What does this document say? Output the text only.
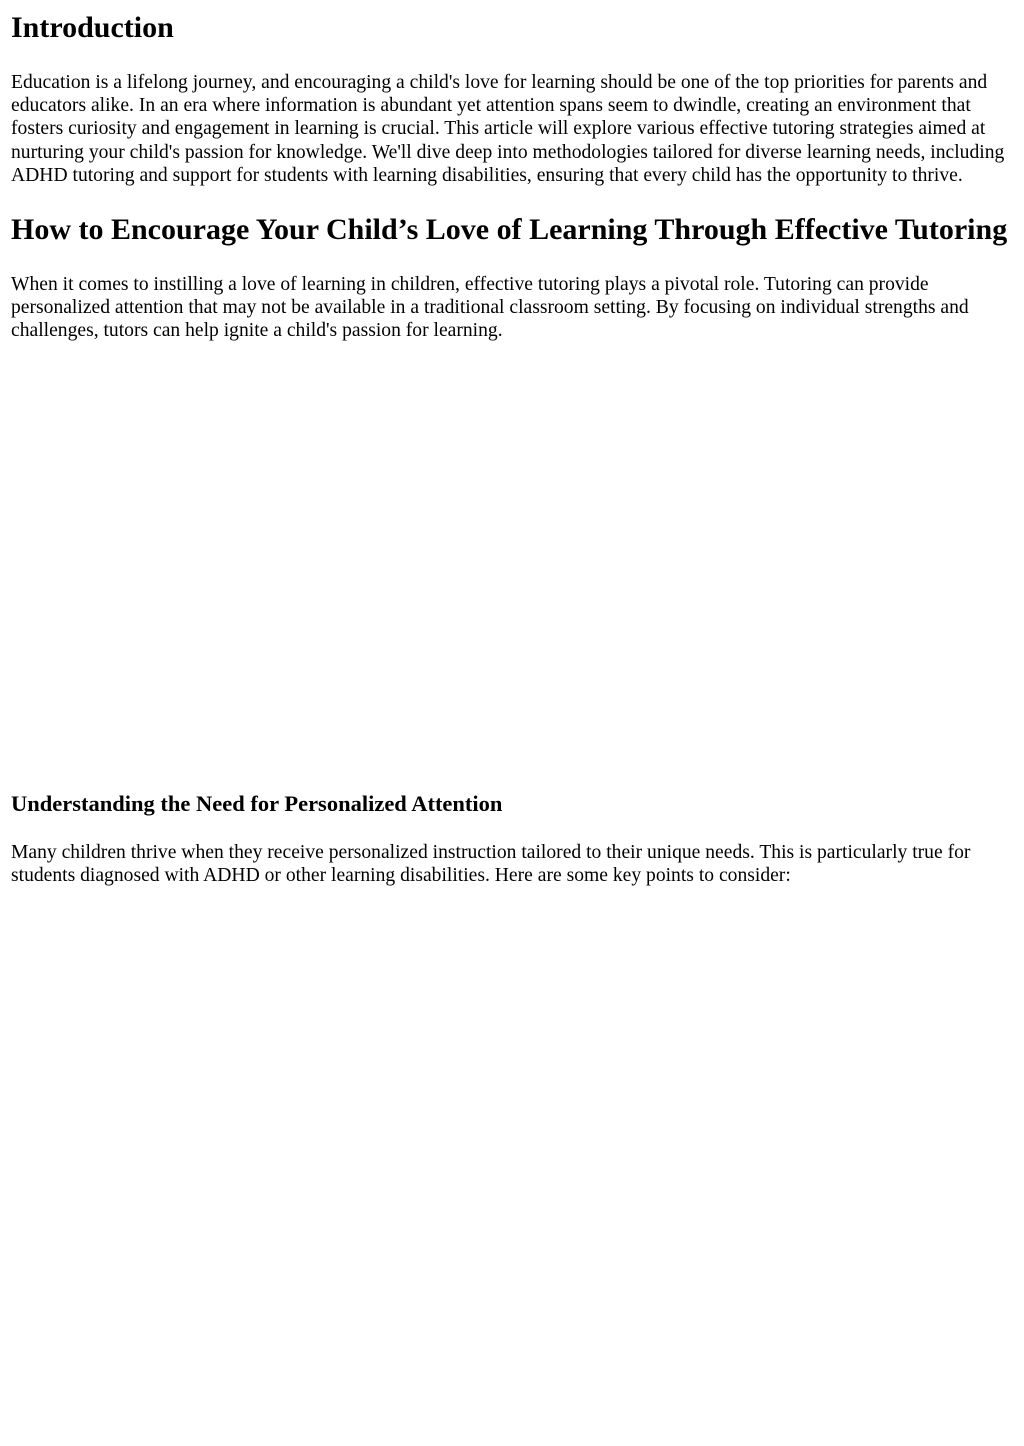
Introduction

Education is a lifelong journey, and encouraging a child's love for learning should be one of the top priorities for parents and educators alike. In an era where information is abundant yet attention spans seem to dwindle, creating an environment that fosters curiosity and engagement in learning is crucial. This article will explore various effective tutoring strategies aimed at nurturing your child's passion for knowledge. We'll dive deep into methodologies tailored for diverse learning needs, including ADHD tutoring and support for students with learning disabilities, ensuring that every child has the opportunity to thrive.

How to Encourage Your Child’s Love of Learning Through Effective Tutoring

When it comes to instilling a love of learning in children, effective tutoring plays a pivotal role. Tutoring can provide personalized attention that may not be available in a traditional classroom setting. By focusing on individual strengths and challenges, tutors can help ignite a child's passion for learning.

Understanding the Need for Personalized Attention

Many children thrive when they receive personalized instruction tailored to their unique needs. This is particularly true for students diagnosed with ADHD or other learning disabilities. Here are some key points to consider:
